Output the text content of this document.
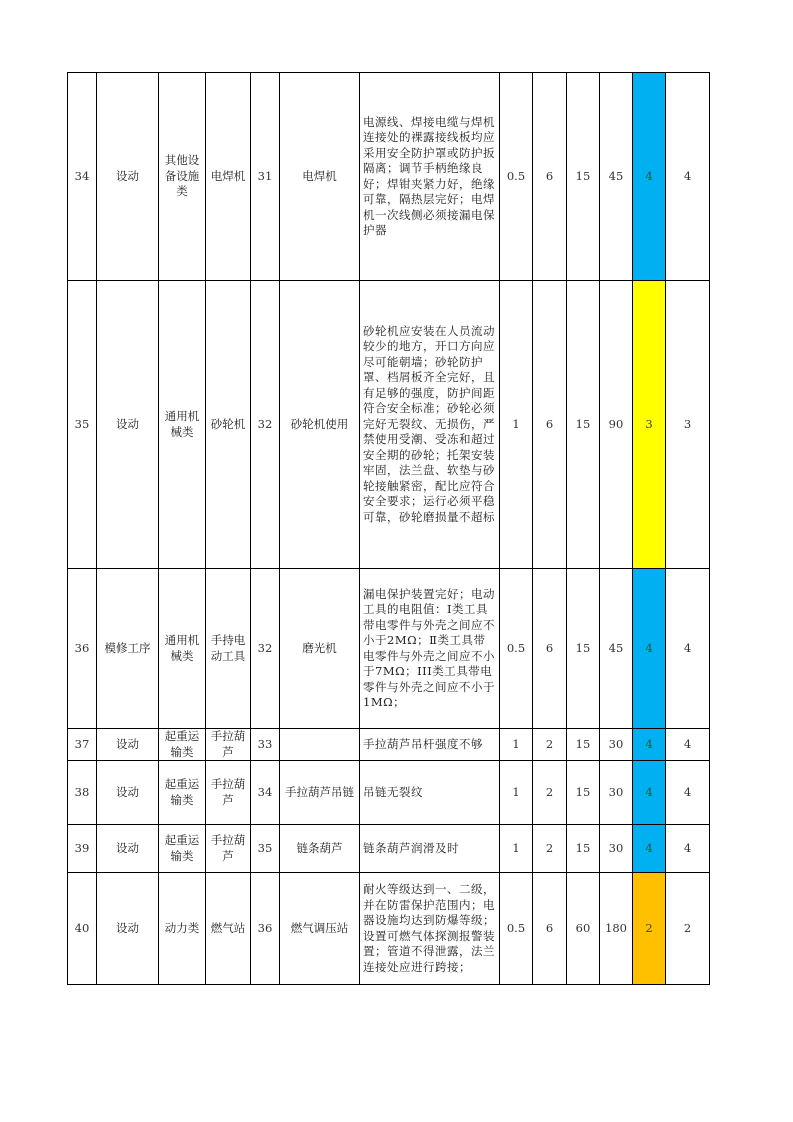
34	设动	其他设备设施类	电焊机	31	电焊机	电源线、焊接电缆与焊机连接处的裸露接线板均应采用安全防护罩或防护扳隔离；调节手柄绝缘良好；焊钳夹紧力好，绝缘可靠，隔热层完好；电焊机一次线侧必须接漏电保护器	0.5	6	15	45	4	4
35	设动	通用机械类	砂轮机	32	砂轮机使用	砂轮机应安装在人员流动较少的地方，开口方向应尽可能朝墙；砂轮防护罩、档屑板齐全完好，且有足够的强度，防护间距符合安全标准；砂轮必须完好无裂纹、无损伤，严禁使用受潮、受冻和超过安全期的砂轮；托架安装牢固，法兰盘、软垫与砂轮接触紧密，配比应符合安全要求；运行必须平稳可靠，砂轮磨损量不超标	1	6	15	90	3	3
36	模修工序	通用机械类	手持电动工具	32	磨光机	漏电保护装置完好；电动工具的电阻值：I类工具带电零件与外壳之间应不小于2MΩ；Ⅱ类工具带电零件与外壳之间应不小于7MΩ；III类工具带电零件与外壳之间应不小于1MΩ；	0.5	6	15	45	4	4
37	设动	起重运输类	手拉葫芦	33		手拉葫芦吊杆强度不够	1	2	15	30	4	4
38	设动	起重运输类	手拉葫芦	34	手拉葫芦吊链	吊链无裂纹	1	2	15	30	4	4
39	设动	起重运输类	手拉葫芦	35	链条葫芦	链条葫芦润滑及时	1	2	15	30	4	4
40	设动	动力类	燃气站	36	燃气调压站	耐火等级达到一、二级，并在防雷保护范围内；电器设施均达到防爆等级；设置可燃气体探测报警装置；管道不得泄露，法兰连接处应进行跨接；	0.5	6	60	180	2	2
